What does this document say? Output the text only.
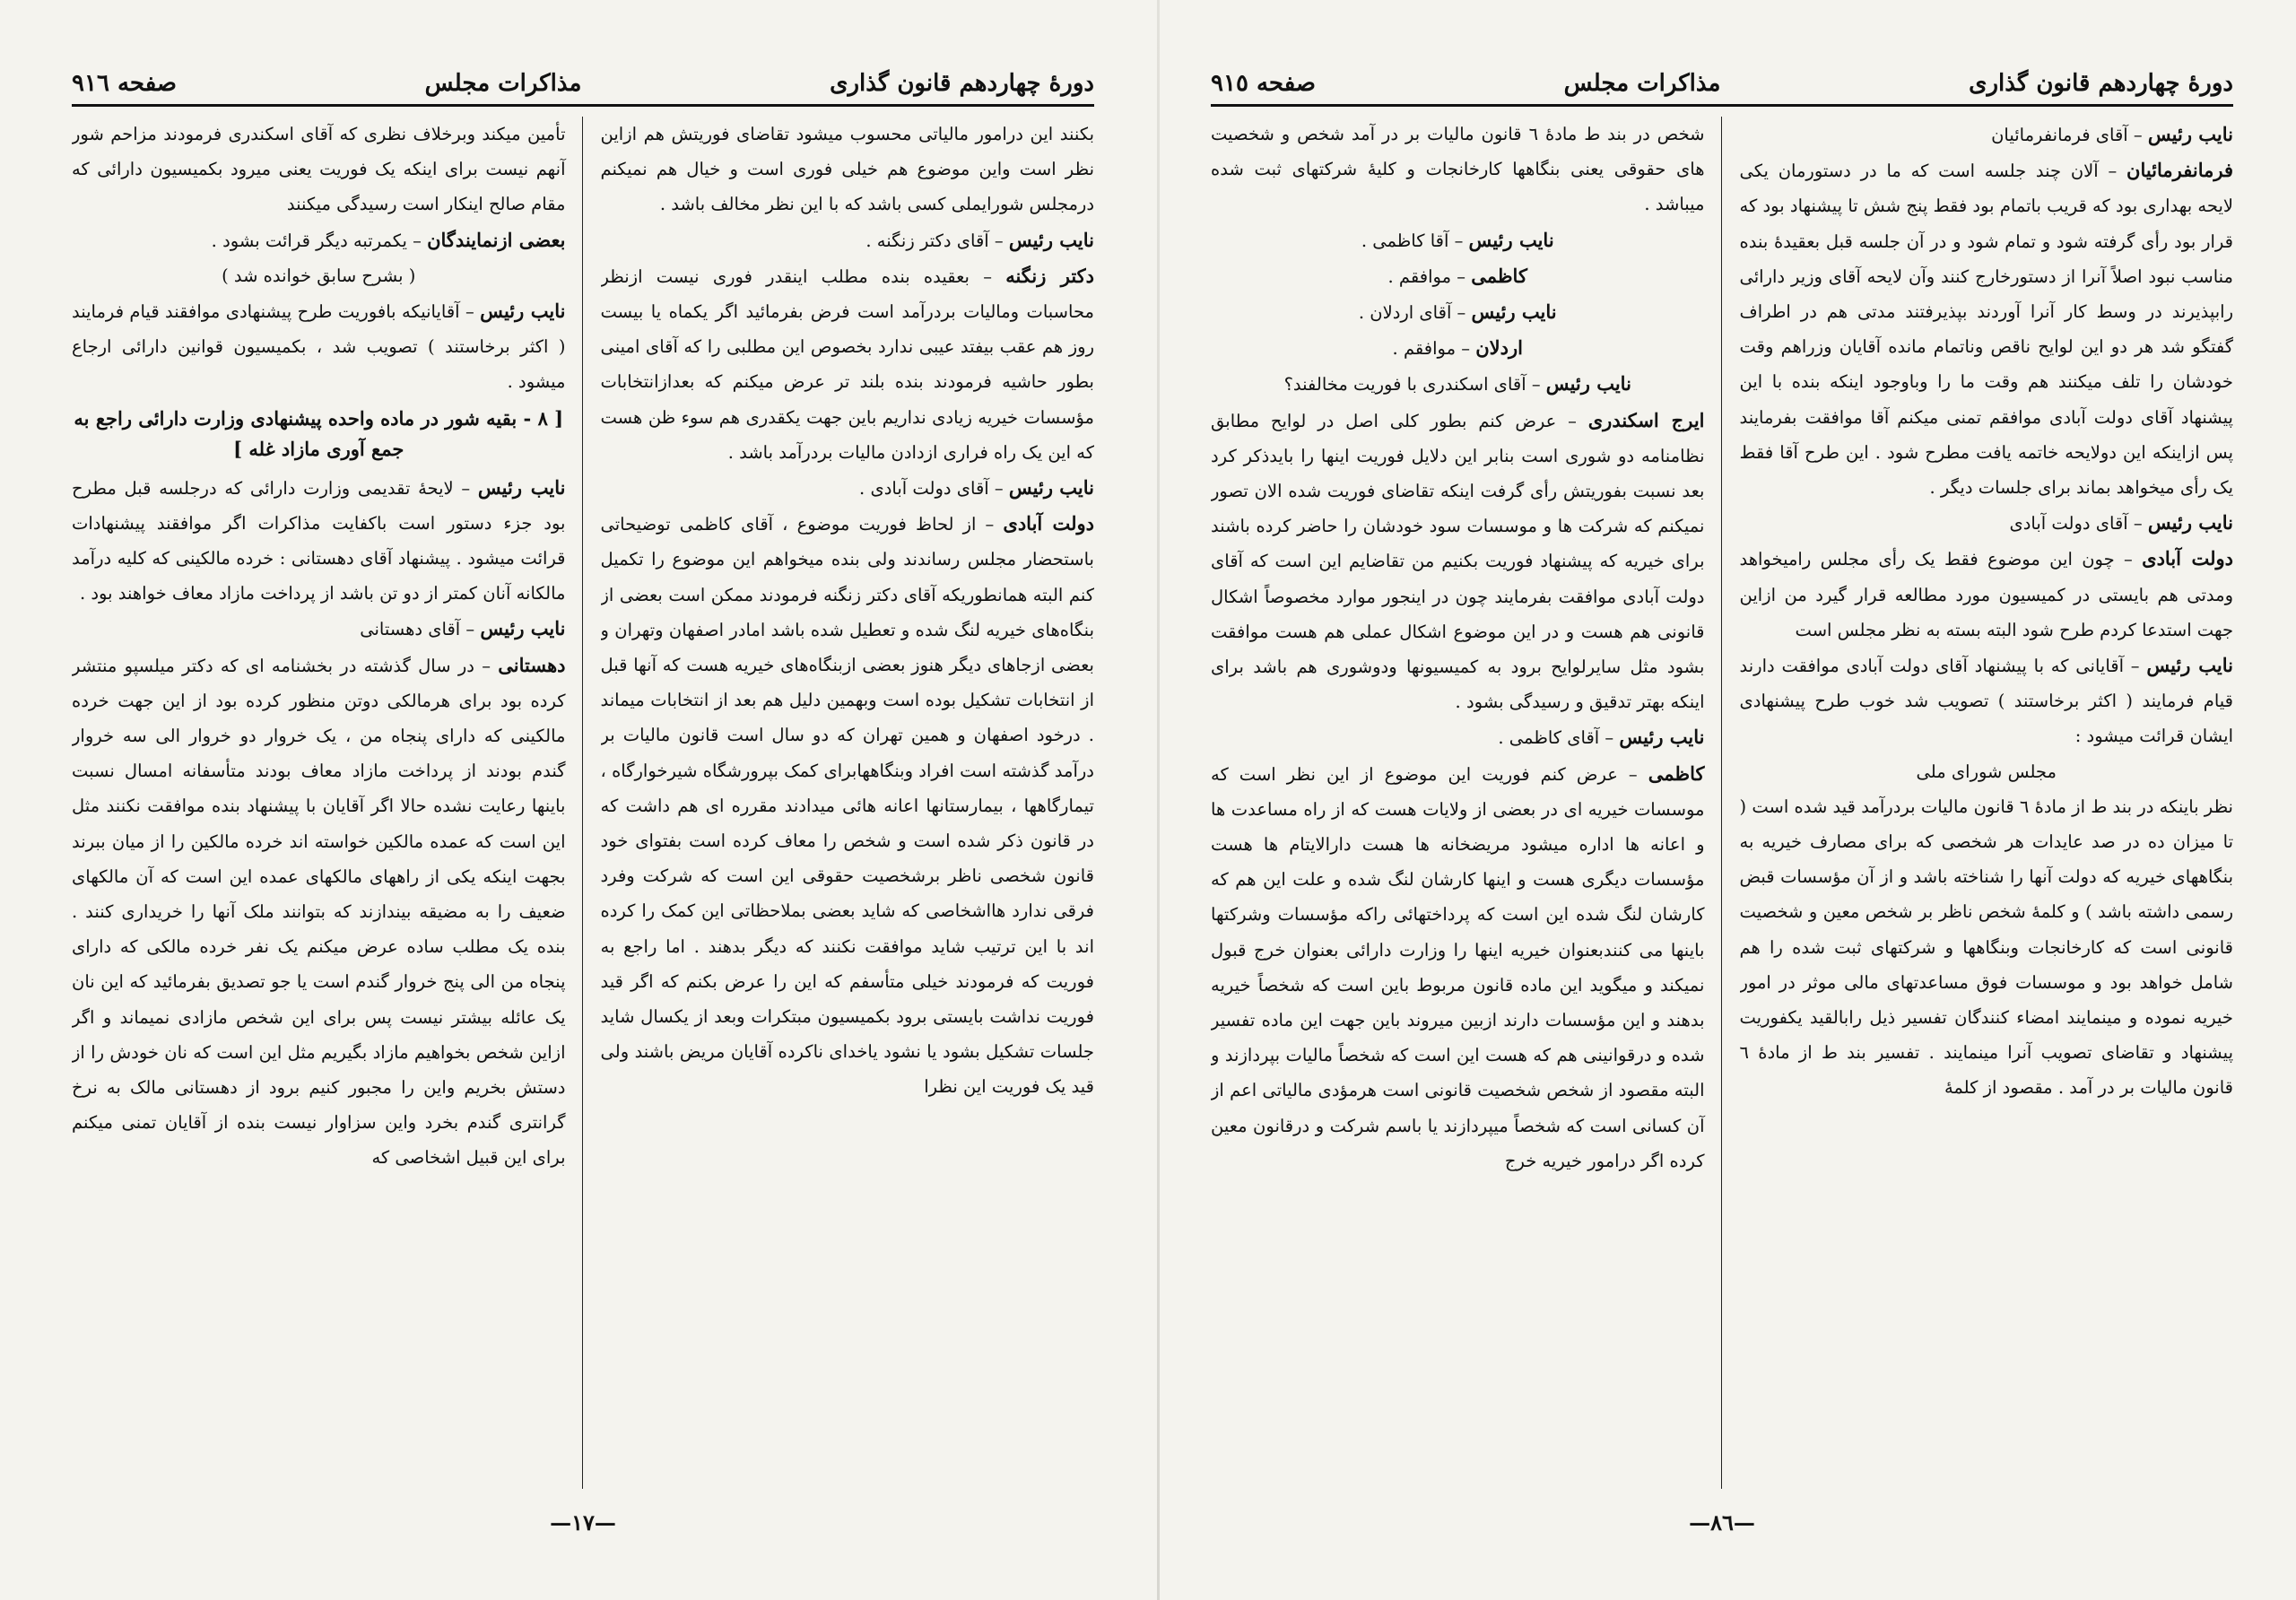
دورهٔ چهاردهم قانون گذاری
مذاکرات مجلس
صفحه ٩١٦

بکنند این درامور مالیاتی محسوب میشود تقاضای فوریتش هم ازاین نظر است واین موضوع هم خیلی فوری است و خیال هم نمیکنم درمجلس شورایملی کسی باشد که با این نظر مخالف باشد .

نایب رئیس – آقای دکتر زنگنه .

دکتر زنگنه – بعقیده بنده مطلب اینقدر فوری نیست ازنظر محاسبات ومالیات بردرآمد است فرض بفرمائید اگر یکماه یا بیست روز هم عقب بیفتد عیبی ندارد بخصوص این مطلبی را که آقای امینی بطور حاشیه فرمودند بنده بلند تر عرض میکنم که بعدازانتخابات مؤسسات خیریه زیادی نداریم باین جهت یکقدری هم سوء ظن هست که این یک راه فراری ازدادن مالیات بردرآمد باشد .

نایب رئیس – آقای دولت آبادی .

دولت آبادی – از لحاظ فوریت موضوع ، آقای کاظمی توضیحاتی باستحضار مجلس رساندند ولی بنده میخواهم این موضوع را تکمیل کنم البته همانطوریکه آقای دکتر زنگنه فرمودند ممکن است بعضی از بنگاه‌های خیریه لنگ شده و تعطیل شده باشد امادر اصفهان وتهران و بعضی ازجاهای دیگر هنوز بعضی ازبنگاه‌های خیریه هست که آنها قبل از انتخابات تشکیل بوده است وبهمین دلیل هم بعد از انتخابات میماند . درخود اصفهان و همین تهران که دو سال است قانون مالیات بر درآمد گذشته است افراد وبنگاههابرای کمک بپرورشگاه شیرخوارگاه ، تیمارگاهها ، بیمارستانها اعانه هائی میدادند مقرره ای هم داشت که در قانون ذکر شده است و شخص را معاف کرده است بفتوای خود قانون شخصی ناظر برشخصیت حقوقی این است که شرکت وفرد فرقی ندارد هااشخاصی که شاید بعضی بملاحظاتی این کمک را کرده اند با این ترتیب شاید موافقت نکنند که دیگر بدهند . اما راجع به فوریت که فرمودند خیلی متأسفم که این را عرض بکنم که اگر قید فوریت نداشت بایستی برود بکمیسیون مبتکرات وبعد از یکسال شاید جلسات تشکیل بشود یا نشود یاخدای ناکرده آقایان مریض باشند ولی قید یک فوریت این نظرا

تأمین میکند وبرخلاف نظری که آقای اسکندری فرمودند مزاحم شور آنهم نیست برای اینکه یک فوریت یعنی میرود بکمیسیون دارائی که مقام صالح اینکار است رسیدگی میکنند

بعضی ازنمایندگان – یکمرتبه دیگر قرائت بشود .

( بشرح سابق خوانده شد )

نایب رئیس – آقایانیکه بافوریت طرح پیشنهادی موافقند قیام فرمایند ( اکثر برخاستند ) تصویب شد ، بکمیسیون قوانین دارائی ارجاع میشود .

[ ٨ - بقیه شور در ماده واحده پیشنهادی وزارت دارائی راجع به جمع آوری مازاد غله ]

نایب رئیس – لایحهٔ تقدیمی وزارت دارائی که درجلسه قبل مطرح بود جزء دستور است باکفایت مذاکرات اگر موافقند پیشنهادات قرائت میشود . پیشنهاد آقای دهستانی : خرده مالکینی که کلیه درآمد مالکانه آنان کمتر از دو تن باشد از پرداخت مازاد معاف خواهند بود .

نایب رئیس – آقای دهستانی

دهستانی – در سال گذشته در بخشنامه ای که دکتر میلسپو منتشر کرده بود برای هرمالکی دوتن منظور کرده بود از این جهت خرده مالکینی که دارای پنجاه من ، یک خروار دو خروار الی سه خروار گندم بودند از پرداخت مازاد معاف بودند متأسفانه امسال نسبت باینها رعایت نشده حالا اگر آقایان با پیشنهاد بنده موافقت نکنند مثل این است که عمده مالکین خواسته اند خرده مالکین را از میان ببرند بجهت اینکه یکی از راههای مالکهای عمده این است که آن مالکهای ضعیف را به مضیقه بیندازند که بتوانند ملک آنها را خریداری کنند . بنده یک مطلب ساده عرض میکنم یک نفر خرده مالکی که دارای پنجاه من الی پنج خروار گندم است یا جو تصدیق بفرمائید که این نان یک عائله بیشتر نیست پس برای این شخص مازادی نمیماند و اگر ازاین شخص بخواهیم مازاد بگیریم مثل این است که نان خودش را از دستش بخریم واین را مجبور کنیم برود از دهستانی مالک به نرخ گرانتری گندم بخرد واین سزاوار نیست بنده از آقایان تمنی میکنم برای این قبیل اشخاصی که

—١٧—
دورهٔ چهاردهم قانون گذاری
مذاکرات مجلس
صفحه ٩١٥

نایب رئیس – آقای فرمانفرمائیان

فرمانفرمائیان – آلان چند جلسه است که ما در دستورمان یکی لایحه بهداری بود که قریب باتمام بود فقط پنج شش تا پیشنهاد بود که قرار بود رأی گرفته شود و تمام شود و در آن جلسه قبل بعقیدهٔ بنده مناسب نبود اصلاً آنرا از دستورخارج کنند وآن لایحه آقای وزیر دارائی رابپذیرند در وسط کار آنرا آوردند بپذیرفتند مدتی هم در اطراف گفتگو شد هر دو این لوایح ناقص وناتمام مانده آقایان وزراهم وقت خودشان را تلف میکنند هم وقت ما را وباوجود اینکه بنده با این پیشنهاد آقای دولت آبادی موافقم تمنی میکنم آقا موافقت بفرمایند پس ازاینکه این دولایحه خاتمه یافت مطرح شود . این طرح آقا فقط یک رأی میخواهد بماند برای جلسات دیگر .

نایب رئیس – آقای دولت آبادی

دولت آبادی – چون این موضوع فقط یک رأی مجلس رامیخواهد ومدتی هم بایستی در کمیسیون مورد مطالعه قرار گیرد من ازاین جهت استدعا کردم طرح شود البته بسته به نظر مجلس است

نایب رئیس – آقایانی که با پیشنهاد آقای دولت آبادی موافقت دارند قیام فرمایند ( اکثر برخاستند ) تصویب شد خوب طرح پیشنهادی ایشان قرائت میشود :

مجلس شورای ملی

نظر باینکه در بند ط از مادهٔ ٦ قانون مالیات بردرآمد قید شده است ( تا میزان ده در صد عایدات هر شخصی که برای مصارف خیریه به بنگاههای خیریه که دولت آنها را شناخته باشد و از آن مؤسسات قبض رسمی داشته باشد ) و کلمهٔ شخص ناظر بر شخص معین و شخصیت قانونی است که کارخانجات وبنگاهها و شرکتهای ثبت شده را هم شامل خواهد بود و موسسات فوق مساعدتهای مالی موثر در امور خیریه نموده و مینمایند امضاء کنندگان تفسیر ذیل رابالقید یکفوریت پیشنهاد و تقاضای تصویب آنرا مینمایند . تفسیر بند ط از مادهٔ ٦ قانون مالیات بر در آمد . مقصود از کلمهٔ

شخص در بند ط مادهٔ ٦ قانون مالیات بر در آمد شخص و شخصیت های حقوقی یعنی بنگاهها کارخانجات و کلیهٔ شرکتهای ثبت شده میباشد .

نایب رئیس – آقا کاظمی .

کاظمی – موافقم .

نایب رئیس – آقای اردلان .

اردلان – موافقم .

نایب رئیس – آقای اسکندری با فوریت مخالفند؟

ایرج اسکندری – عرض کنم بطور کلی اصل در لوایح مطابق نظامنامه دو شوری است بنابر این دلایل فوریت اینها را بایدذکر کرد بعد نسبت بفوریتش رأی گرفت اینکه تقاضای فوریت شده الان تصور نمیکنم که شرکت ها و موسسات سود خودشان را حاضر کرده باشند برای خیریه که پیشنهاد فوریت بکنیم من تقاضایم این است که آقای دولت آبادی موافقت بفرمایند چون در اینجور موارد مخصوصاً اشکال قانونی هم هست و در این موضوع اشکال عملی هم هست موافقت بشود مثل سایرلوایح برود به کمیسیونها ودوشوری هم باشد برای اینکه بهتر تدقیق و رسیدگی بشود .

نایب رئیس – آقای کاظمی .

کاظمی – عرض کنم فوریت این موضوع از این نظر است که موسسات خیریه ای در بعضی از ولایات هست که از راه مساعدت ها و اعانه ها اداره میشود مریضخانه ها هست دارالایتام ها هست مؤسسات دیگری هست و اینها کارشان لنگ شده و علت این هم که کارشان لنگ شده این است که پرداختهائی راکه مؤسسات وشرکتها باینها می کنندبعنوان خیریه اینها را وزارت دارائی بعنوان خرج قبول نمیکند و میگوید این ماده قانون مربوط باین است که شخصاً خیریه بدهند و این مؤسسات دارند ازبین میروند باین جهت این ماده تفسیر شده و درقوانینی هم که هست این است که شخصاً مالیات بپردازند و البته مقصود از شخص شخصیت قانونی است هرمؤدی مالیاتی اعم از آن کسانی است که شخصاً میپردازند یا باسم شرکت و درقانون معین کرده اگر درامور خیریه خرج

—٨٦—
